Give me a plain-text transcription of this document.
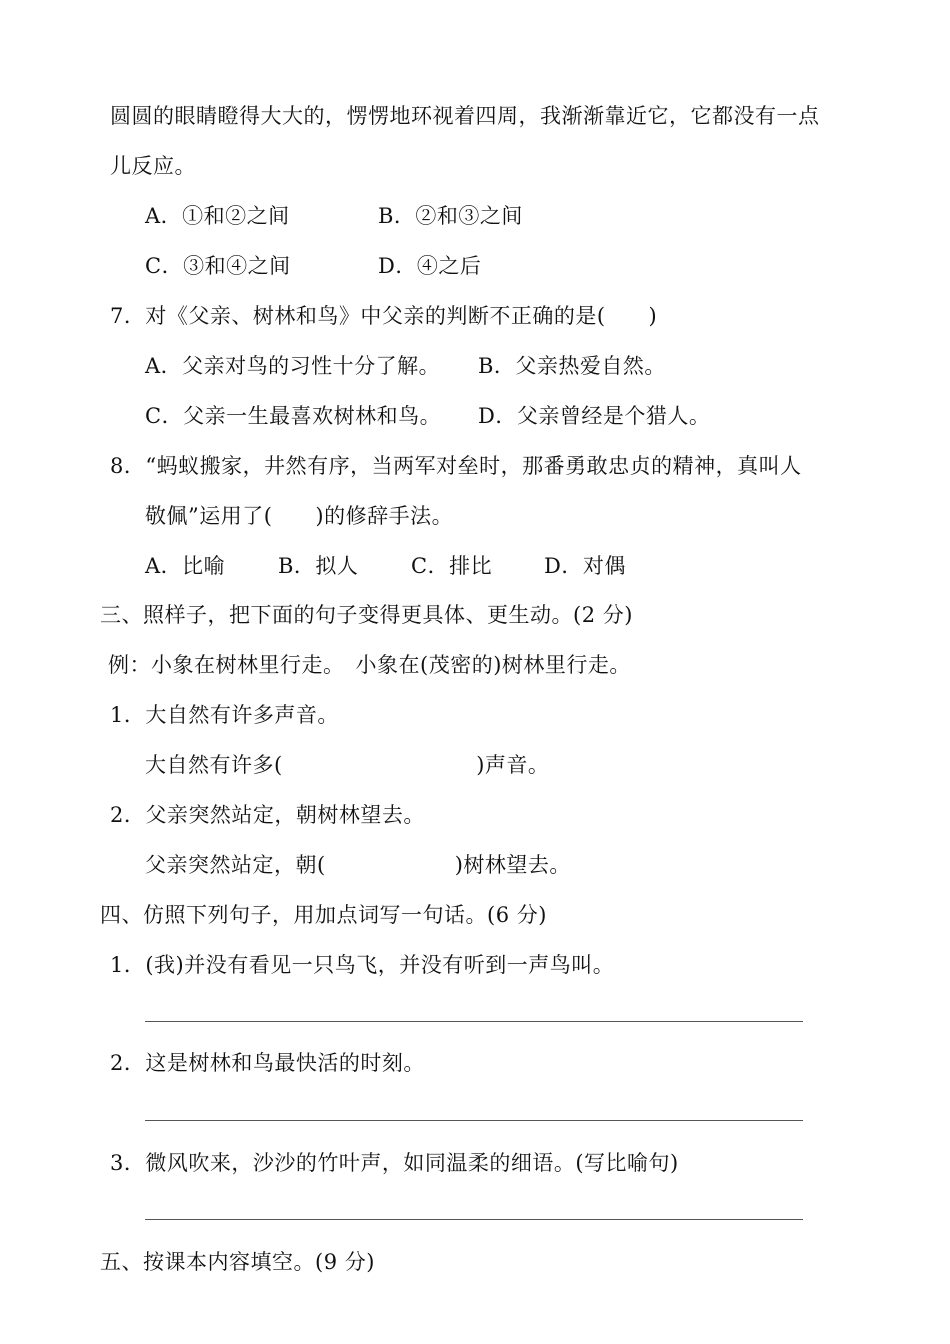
圆圆的眼睛瞪得大大的，愣愣地环视着四周，我渐渐靠近它，它都没有一点
儿反应。
A．①和②之间	B．②和③之间
C．③和④之间	D．④之后
7．对《父亲、树林和鸟》中父亲的判断不正确的是(　　)
A．父亲对鸟的习性十分了解。 B．父亲热爱自然。
C．父亲一生最喜欢树林和鸟。 D．父亲曾经是个猎人。
8．“蚂蚁搬家，井然有序，当两军对垒时，那番勇敢忠贞的精神，真叫人
敬佩”运用了(　　)的修辞手法。
A．比喻	B．拟人	C．排比 D．对偶
三、照样子，把下面的句子变得更具体、更生动。(2 分)
例：小象在树林里行走。　小象在(茂密的)树林里行走。
1．大自然有许多声音。
大自然有许多(　　　　　　　　　)声音。
2．父亲突然站定，朝树林望去。
父亲突然站定，朝(　　　　　　)树林望去。
四、仿照下列句子，用加点词写一句话。(6 分)
1．(我)并没有看见一只鸟飞，并没有听到一声鸟叫。
2．这是树林和鸟最快活的时刻。
3．微风吹来，沙沙的竹叶声，如同温柔的细语。(写比喻句)
五、按课本内容填空。(9 分)
